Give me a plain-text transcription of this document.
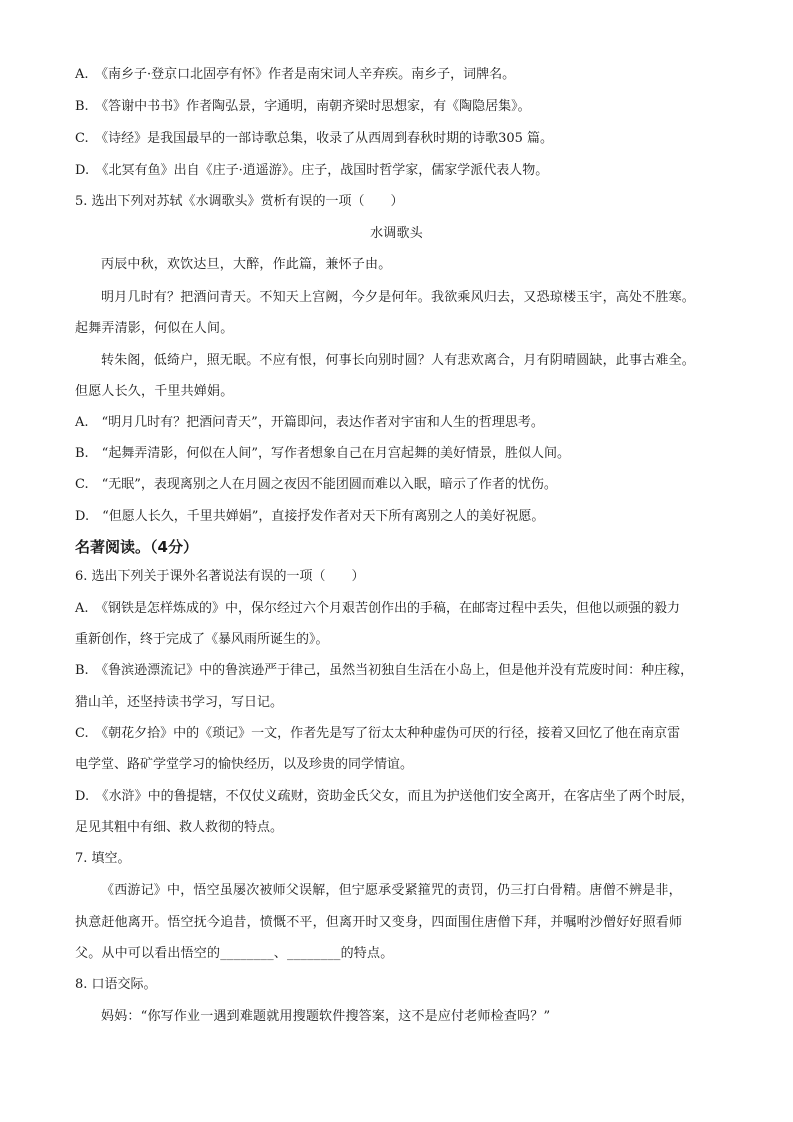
A.　《南乡子·登京口北固亭有怀》作者是南宋词人辛弃疾。南乡子，词牌名。
B.　《答谢中书书》作者陶弘景，字通明，南朝齐梁时思想家，有《陶隐居集》。
C.　《诗经》是我国最早的一部诗歌总集，收录了从西周到春秋时期的诗歌305 篇。
D.　《北冥有鱼》出自《庄子·逍遥游》。庄子，战国时哲学家，儒家学派代表人物。
5. 选出下列对苏轼《水调歌头》赏析有误的一项（　　）
水调歌头
丙辰中秋，欢饮达旦，大醉，作此篇，兼怀子由。
明月几时有？把酒问青天。不知天上宫阙，今夕是何年。我欲乘风归去，又恐琼楼玉宇，高处不胜寒。
起舞弄清影，何似在人间。
转朱阁，低绮户，照无眠。不应有恨，何事长向别时圆？人有悲欢离合，月有阴晴圆缺，此事古难全。
但愿人长久，千里共婵娟。
A.　“明月几时有？把酒问青天”，开篇即问，表达作者对宇宙和人生的哲理思考。
B.　“起舞弄清影，何似在人间”，写作者想象自己在月宫起舞的美好情景，胜似人间。
C.　“无眠”，表现离别之人在月圆之夜因不能团圆而难以入眠，暗示了作者的忧伤。
D.　“但愿人长久，千里共婵娟”，直接抒发作者对天下所有离别之人的美好祝愿。
名著阅读。（4分）
6. 选出下列关于课外名著说法有误的一项（　　）
A.　《钢铁是怎样炼成的》中，保尔经过六个月艰苦创作出的手稿，在邮寄过程中丢失，但他以顽强的毅力
重新创作，终于完成了《暴风雨所诞生的》。
B.　《鲁滨逊漂流记》中的鲁滨逊严于律己，虽然当初独自生活在小岛上，但是他并没有荒废时间：种庄稼，
猎山羊，还坚持读书学习，写日记。
C.　《朝花夕拾》中的《琐记》一文，作者先是写了衍太太种种虚伪可厌的行径，接着又回忆了他在南京雷
电学堂、路矿学堂学习的愉快经历，以及珍贵的同学情谊。
D.　《水浒》中的鲁提辖，不仅仗义疏财，资助金氏父女，而且为护送他们安全离开，在客店坐了两个时辰，
足见其粗中有细、救人救彻的特点。
7. 填空。
《西游记》中，悟空虽屡次被师父误解，但宁愿承受紧箍咒的责罚，仍三打白骨精。唐僧不辨是非，
执意赶他离开。悟空抚今追昔，愤慨不平，但离开时又变身，四面围住唐僧下拜，并嘱咐沙僧好好照看师
父。从中可以看出悟空的________、________的特点。
8. 口语交际。
妈妈：“你写作业一遇到难题就用搜题软件搜答案，这不是应付老师检查吗？”
